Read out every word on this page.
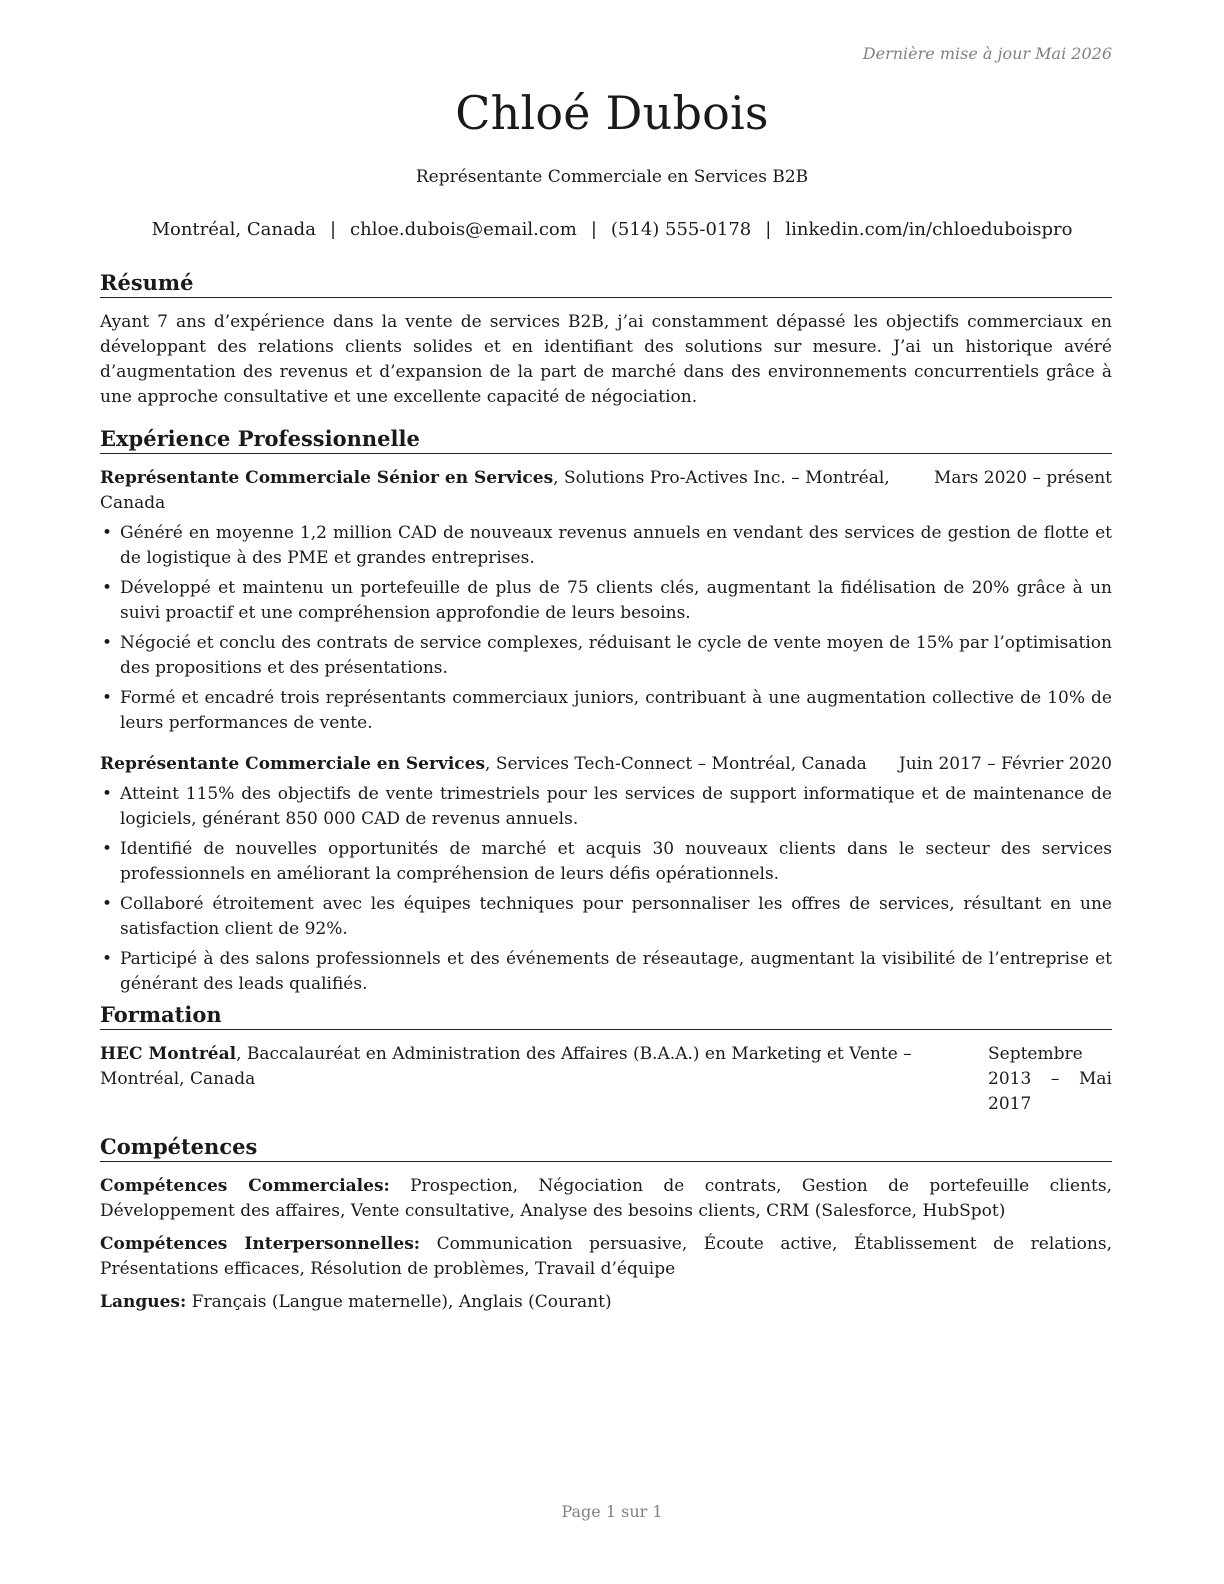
Dernière mise à jour Mai 2026
Chloé Dubois
Représentante Commerciale en Services B2B
Montréal, Canada | chloe.dubois@email.com | (514) 555-0178 | linkedin.com/in/chloeduboispro
Résumé

Ayant 7 ans d’expérience dans la vente de services B2B, j’ai constamment dépassé les objectifs commerciaux en développant des relations clients solides et en identifiant des solutions sur mesure. J’ai un historique avéré d’augmentation des revenus et d’expansion de la part de marché dans des environnements concurrentiels grâce à une approche consultative et une excellente capacité de négociation.

Expérience Professionnelle
Représentante Commerciale Sénior en Services, Solutions Pro-Actives Inc. – Montréal, Canada
Mars 2020 – présent
• Généré en moyenne 1,2 million CAD de nouveaux revenus annuels en vendant des services de gestion de flotte et de logistique à des PME et grandes entreprises.
• Développé et maintenu un portefeuille de plus de 75 clients clés, augmentant la fidélisation de 20% grâce à un suivi proactif et une compréhension approfondie de leurs besoins.
• Négocié et conclu des contrats de service complexes, réduisant le cycle de vente moyen de 15% par l’optimisation des propositions et des présentations.
• Formé et encadré trois représentants commerciaux juniors, contribuant à une augmentation collective de 10% de leurs performances de vente.
Représentante Commerciale en Services, Services Tech-Connect – Montréal, Canada	Juin 2017 – Février 2020
• Atteint 115% des objectifs de vente trimestriels pour les services de support informatique et de maintenance de logiciels, générant 850 000 CAD de revenus annuels.
• Identifié de nouvelles opportunités de marché et acquis 30 nouveaux clients dans le secteur des services professionnels en améliorant la compréhension de leurs défis opérationnels.
• Collaboré étroitement avec les équipes techniques pour personnaliser les offres de services, résultant en une satisfaction client de 92%.
• Participé à des salons professionnels et des événements de réseautage, augmentant la visibilité de l’entreprise et générant des leads qualifiés.
Formation
HEC Montréal, Baccalauréat en Administration des Affaires (B.A.A.) en Marketing et Vente – Montréal, Canada
Septembre 2013 – Mai 2017
Compétences

Compétences Commerciales: Prospection, Négociation de contrats, Gestion de portefeuille clients, Développement des affaires, Vente consultative, Analyse des besoins clients, CRM (Salesforce, HubSpot)

Compétences Interpersonnelles: Communication persuasive, Écoute active, Établissement de relations, Présentations efficaces, Résolution de problèmes, Travail d’équipe

Langues: Français (Langue maternelle), Anglais (Courant)

Page 1 sur 1
